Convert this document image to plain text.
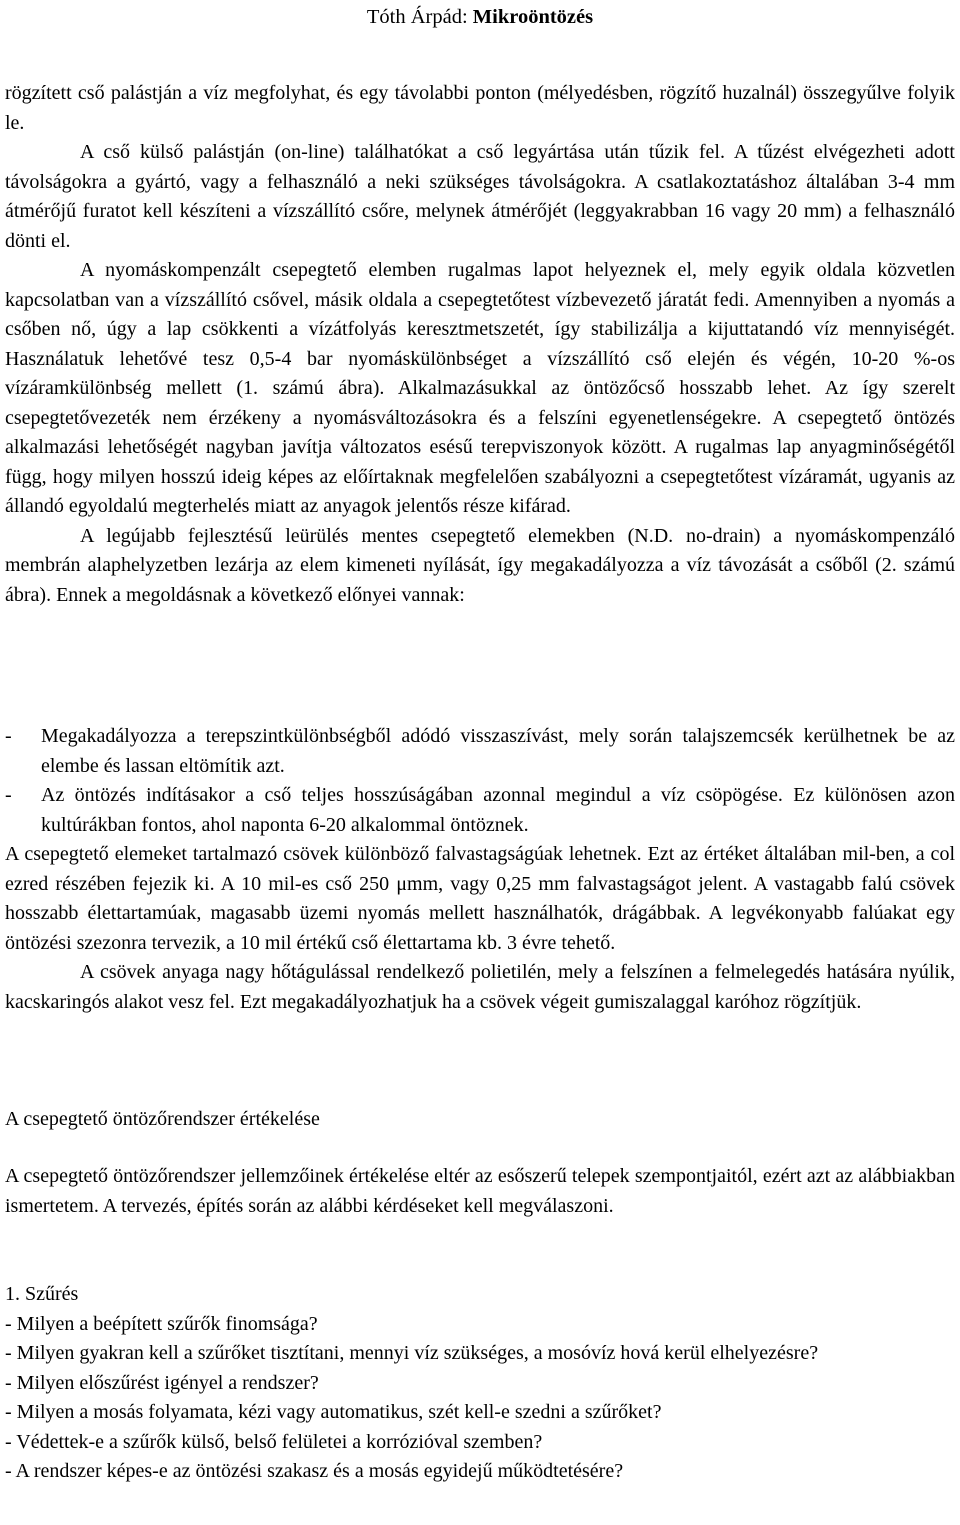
Tóth Árpád: Mikroöntözés

rögzített cső palástján a víz megfolyhat, és egy távolabbi ponton (mélyedésben, rögzítő huzalnál) összegyűlve folyik le.

A cső külső palástján (on-line) találhatókat a cső legyártása után tűzik fel. A tűzést elvégezheti adott távolságokra a gyártó, vagy a felhasználó a neki szükséges távolságokra. A csatlakoztatáshoz általában 3-4 mm átmérőjű furatot kell készíteni a vízszállító csőre, melynek átmérőjét (leggyakrabban 16 vagy 20 mm) a felhasználó dönti el.

A nyomáskompenzált csepegtető elemben rugalmas lapot helyeznek el, mely egyik oldala közvetlen kapcsolatban van a vízszállító csővel, másik oldala a csepegtetőtest vízbevezető járatát fedi. Amennyiben a nyomás a csőben nő, úgy a lap csökkenti a vízátfolyás keresztmetszetét, így stabilizálja a kijuttatandó víz mennyiségét. Használatuk lehetővé tesz 0,5-4 bar nyomáskülönbséget a vízszállító cső elején és végén, 10-20 %-os vízáramkülönbség mellett (1. számú ábra). Alkalmazásukkal az öntözőcső hosszabb lehet. Az így szerelt csepegtetővezeték nem érzékeny a nyomásváltozásokra és a felszíni egyenetlenségekre. A csepegtető öntözés alkalmazási lehetőségét nagyban javítja változatos esésű terepviszonyok között. A rugalmas lap anyagminőségétől függ, hogy milyen hosszú ideig képes az előírtaknak megfelelően szabályozni a csepegtetőtest vízáramát, ugyanis az állandó egyoldalú megterhelés miatt az anyagok jelentős része kifárad.

A legújabb fejlesztésű leürülés mentes csepegtető elemekben (N.D. no-drain) a nyomáskompenzáló membrán alaphelyzetben lezárja az elem kimeneti nyílását, így megakadályozza a víz távozását a csőből (2. számú ábra). Ennek a megoldásnak a következő előnyei vannak:

- Megakadályozza a terepszintkülönbségből adódó visszaszívást, mely során talajszemcsék kerülhetnek be az elembe és lassan eltömítik azt.

- Az öntözés indításakor a cső teljes hosszúságában azonnal megindul a víz csöpögése. Ez különösen azon kultúrákban fontos, ahol naponta 6-20 alkalommal öntöznek.

A csepegtető elemeket tartalmazó csövek különböző falvastagságúak lehetnek. Ezt az értéket általában mil-ben, a col ezred részében fejezik ki. A 10 mil-es cső 250 μmm, vagy 0,25 mm falvastagságot jelent. A vastagabb falú csövek hosszabb élettartamúak, magasabb üzemi nyomás mellett használhatók, drágábbak. A legvékonyabb falúakat egy öntözési szezonra tervezik, a 10 mil értékű cső élettartama kb. 3 évre tehető.

A csövek anyaga nagy hőtágulással rendelkező polietilén, mely a felszínen a felmelegedés hatására nyúlik, kacskaringós alakot vesz fel. Ezt megakadályozhatjuk ha a csövek végeit gumiszalaggal karóhoz rögzítjük.

A csepegtető öntözőrendszer értékelése

A csepegtető öntözőrendszer jellemzőinek értékelése eltér az esőszerű telepek szempontjaitól, ezért azt az alábbiakban ismertetem. A tervezés, építés során az alábbi kérdéseket kell megválaszoni.

1. Szűrés

- Milyen a beépített szűrők finomsága?

- Milyen gyakran kell a szűrőket tisztítani, mennyi víz szükséges, a mosóvíz hová kerül elhelyezésre?

- Milyen előszűrést igényel a rendszer?

- Milyen a mosás folyamata, kézi vagy automatikus, szét kell-e szedni a szűrőket?

- Védettek-e a szűrők külső, belső felületei a korrózióval szemben?

- A rendszer képes-e az öntözési szakasz és a mosás egyidejű működtetésére?
